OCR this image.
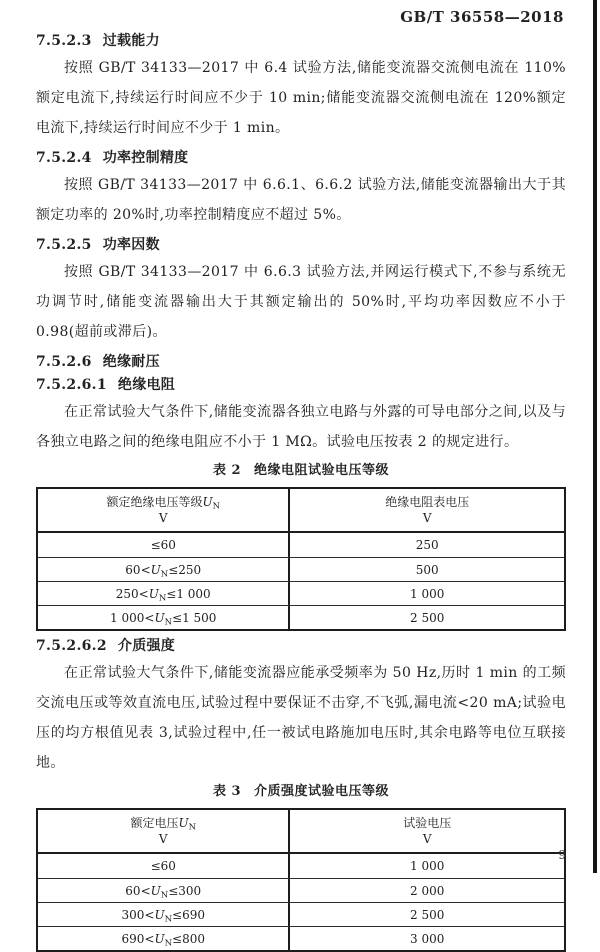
GB/T 36558—2018
7.5.2.3 过载能力

按照 GB/T 34133—2017 中 6.4 试验方法,储能变流器交流侧电流在 110%额定电流下,持续运行时间应不少于 10 min;储能变流器交流侧电流在 120%额定电流下,持续运行时间应不少于 1 min。

7.5.2.4 功率控制精度

按照 GB/T 34133—2017 中 6.6.1、6.6.2 试验方法,储能变流器输出大于其额定功率的 20%时,功率控制精度应不超过 5%。

7.5.2.5 功率因数

按照 GB/T 34133—2017 中 6.6.3 试验方法,并网运行模式下,不参与系统无功调节时,储能变流器输出大于其额定输出的 50%时,平均功率因数应不小于 0.98(超前或滞后)。

7.5.2.6 绝缘耐压
7.5.2.6.1 绝缘电阻

在正常试验大气条件下,储能变流器各独立电路与外露的可导电部分之间,以及与各独立电路之间的绝缘电阻应不小于 1 MΩ。试验电压按表 2 的规定进行。

表 2 绝缘电阻试验电压等级
额定绝缘电压等级$U_N$
V
绝缘电阻表电压
V
≤60	250
$60<U_N\le 250$	500
$250<U_N\le 1$ 000	1 000
1 $000<U_N\le 1$ 500	2 500
7.5.2.6.2 介质强度

在正常试验大气条件下,储能变流器应能承受频率为 50 Hz,历时 1 min 的工频交流电压或等效直流电压,试验过程中要保证不击穿,不飞弧,漏电流<20 mA;试验电压的均方根值见表 3,试验过程中,任一被试电路施加电压时,其余电路等电位互联接地。

表 3 介质强度试验电压等级
额定电压$U_N$
V
试验电压
V
≤60	1 000
$60<U_N\le 300$	2 000
$300<U_N\le 690$	2 500
$690<U_N\le 800$	3 000
9
